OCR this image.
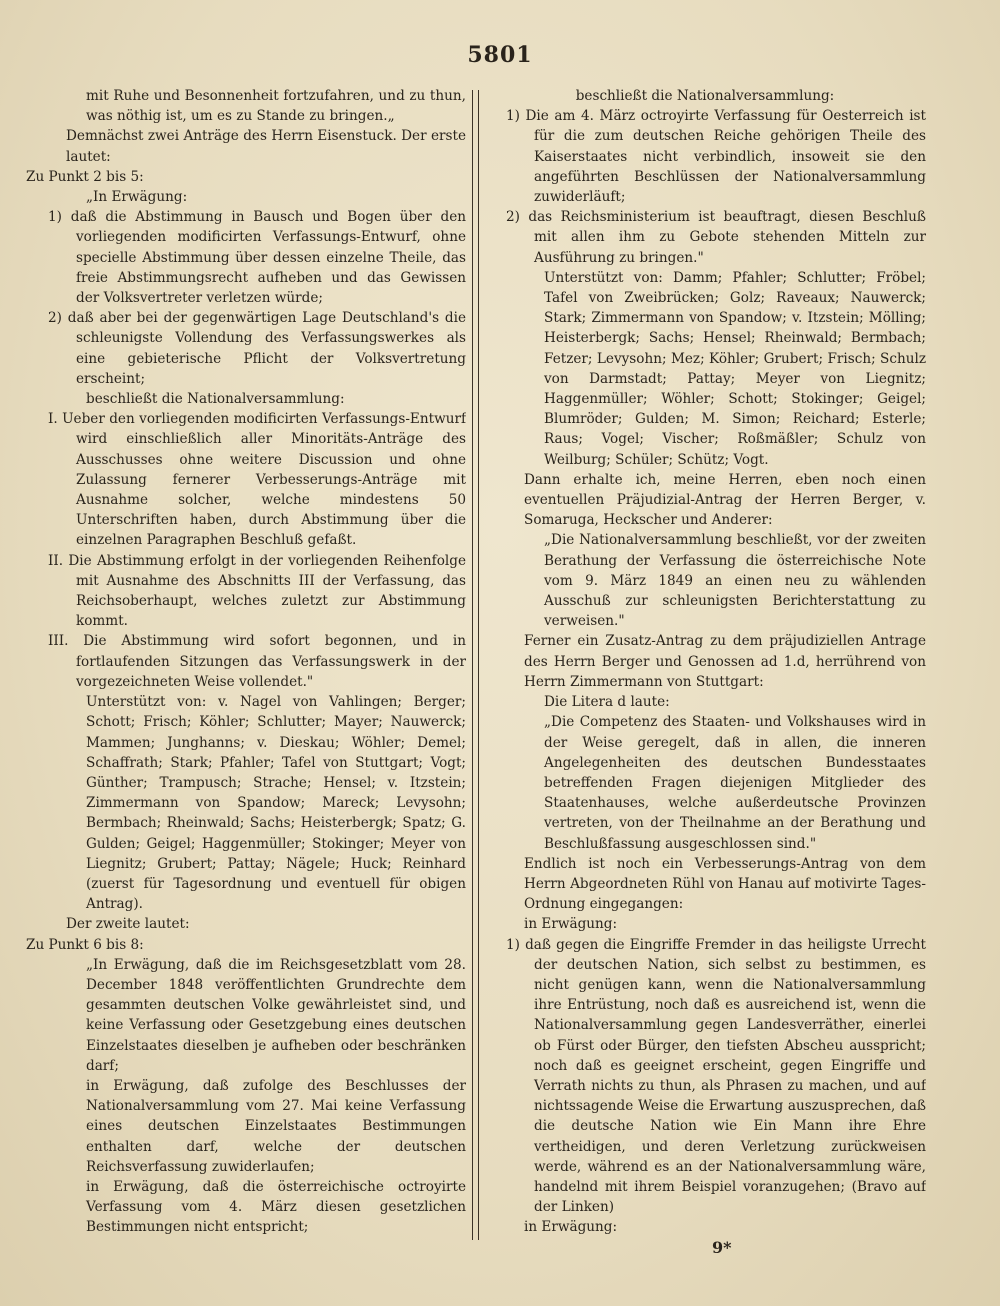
5801

mit Ruhe und Besonnenheit fortzufahren, und zu thun, was nöthig ist, um es zu Stande zu bringen.„

Demnächst zwei Anträge des Herrn Eisenstuck. Der erste lautet:

Zu Punkt 2 bis 5:

„In Erwägung:

1) daß die Abstimmung in Bausch und Bogen über den vorliegenden modificirten Verfassungs-Entwurf, ohne specielle Abstimmung über dessen einzelne Theile, das freie Abstimmungsrecht aufheben und das Gewissen der Volksvertreter verletzen würde;

2) daß aber bei der gegenwärtigen Lage Deutschland's die schleunigste Vollendung des Verfassungswerkes als eine gebieterische Pflicht der Volksvertretung erscheint;

beschließt die Nationalversammlung:

I. Ueber den vorliegenden modificirten Verfassungs-Entwurf wird einschließlich aller Minoritäts-Anträge des Ausschusses ohne weitere Discussion und ohne Zulassung fernerer Verbesserungs-Anträge mit Ausnahme solcher, welche mindestens 50 Unterschriften haben, durch Abstimmung über die einzelnen Paragraphen Beschluß gefaßt.

II. Die Abstimmung erfolgt in der vorliegenden Reihenfolge mit Ausnahme des Abschnitts III der Verfassung, das Reichsoberhaupt, welches zuletzt zur Abstimmung kommt.

III. Die Abstimmung wird sofort begonnen, und in fortlaufenden Sitzungen das Verfassungswerk in der vorgezeichneten Weise vollendet."

Unterstützt von: v. Nagel von Vahlingen; Berger; Schott; Frisch; Köhler; Schlutter; Mayer; Nauwerck; Mammen; Junghanns; v. Dieskau; Wöhler; Demel; Schaffrath; Stark; Pfahler; Tafel von Stuttgart; Vogt; Günther; Trampusch; Strache; Hensel; v. Itzstein; Zimmermann von Spandow; Mareck; Levysohn; Bermbach; Rheinwald; Sachs; Heisterbergk; Spatz; G. Gulden; Geigel; Haggenmüller; Stokinger; Meyer von Liegnitz; Grubert; Pattay; Nägele; Huck; Reinhard (zuerst für Tagesordnung und eventuell für obigen Antrag).

Der zweite lautet:

Zu Punkt 6 bis 8:

„In Erwägung, daß die im Reichsgesetzblatt vom 28. December 1848 veröffentlichten Grundrechte dem gesammten deutschen Volke gewährleistet sind, und keine Verfassung oder Gesetzgebung eines deutschen Einzelstaates dieselben je aufheben oder beschränken darf;

in Erwägung, daß zufolge des Beschlusses der Nationalversammlung vom 27. Mai keine Verfassung eines deutschen Einzelstaates Bestimmungen enthalten darf, welche der deutschen Reichsverfassung zuwiderlaufen;

in Erwägung, daß die österreichische octroyirte Verfassung vom 4. März diesen gesetzlichen Bestimmungen nicht entspricht;

beschließt die Nationalversammlung:

1) Die am 4. März octroyirte Verfassung für Oesterreich ist für die zum deutschen Reiche gehörigen Theile des Kaiserstaates nicht verbindlich, insoweit sie den angeführten Beschlüssen der Nationalversammlung zuwiderläuft;

2) das Reichsministerium ist beauftragt, diesen Beschluß mit allen ihm zu Gebote stehenden Mitteln zur Ausführung zu bringen."

Unterstützt von: Damm; Pfahler; Schlutter; Fröbel; Tafel von Zweibrücken; Golz; Raveaux; Nauwerck; Stark; Zimmermann von Spandow; v. Itzstein; Mölling; Heisterbergk; Sachs; Hensel; Rheinwald; Bermbach; Fetzer; Levysohn; Mez; Köhler; Grubert; Frisch; Schulz von Darmstadt; Pattay; Meyer von Liegnitz; Haggenmüller; Wöhler; Schott; Stokinger; Geigel; Blumröder; Gulden; M. Simon; Reichard; Esterle; Raus; Vogel; Vischer; Roßmäßler; Schulz von Weilburg; Schüler; Schütz; Vogt.

Dann erhalte ich, meine Herren, eben noch einen eventuellen Präjudizial-Antrag der Herren Berger, v. Somaruga, Heckscher und Anderer:

„Die Nationalversammlung beschließt, vor der zweiten Berathung der Verfassung die österreichische Note vom 9. März 1849 an einen neu zu wählenden Ausschuß zur schleunigsten Berichterstattung zu verweisen."

Ferner ein Zusatz-Antrag zu dem präjudiziellen Antrage des Herrn Berger und Genossen ad 1.d, herrührend von Herrn Zimmermann von Stuttgart:

Die Litera d laute:

„Die Competenz des Staaten- und Volkshauses wird in der Weise geregelt, daß in allen, die inneren Angelegenheiten des deutschen Bundesstaates betreffenden Fragen diejenigen Mitglieder des Staatenhauses, welche außerdeutsche Provinzen vertreten, von der Theilnahme an der Berathung und Beschlußfassung ausgeschlossen sind."

Endlich ist noch ein Verbesserungs-Antrag von dem Herrn Abgeordneten Rühl von Hanau auf motivirte Tages-Ordnung eingegangen:

in Erwägung:

1) daß gegen die Eingriffe Fremder in das heiligste Urrecht der deutschen Nation, sich selbst zu bestimmen, es nicht genügen kann, wenn die Nationalversammlung ihre Entrüstung, noch daß es ausreichend ist, wenn die Nationalversammlung gegen Landesverräther, einerlei ob Fürst oder Bürger, den tiefsten Abscheu ausspricht; noch daß es geeignet erscheint, gegen Eingriffe und Verrath nichts zu thun, als Phrasen zu machen, und auf nichtssagende Weise die Erwartung auszusprechen, daß die deutsche Nation wie Ein Mann ihre Ehre vertheidigen, und deren Verletzung zurückweisen werde, während es an der Nationalversammlung wäre, handelnd mit ihrem Beispiel voranzugehen; (Bravo auf der Linken)

in Erwägung:

9*
